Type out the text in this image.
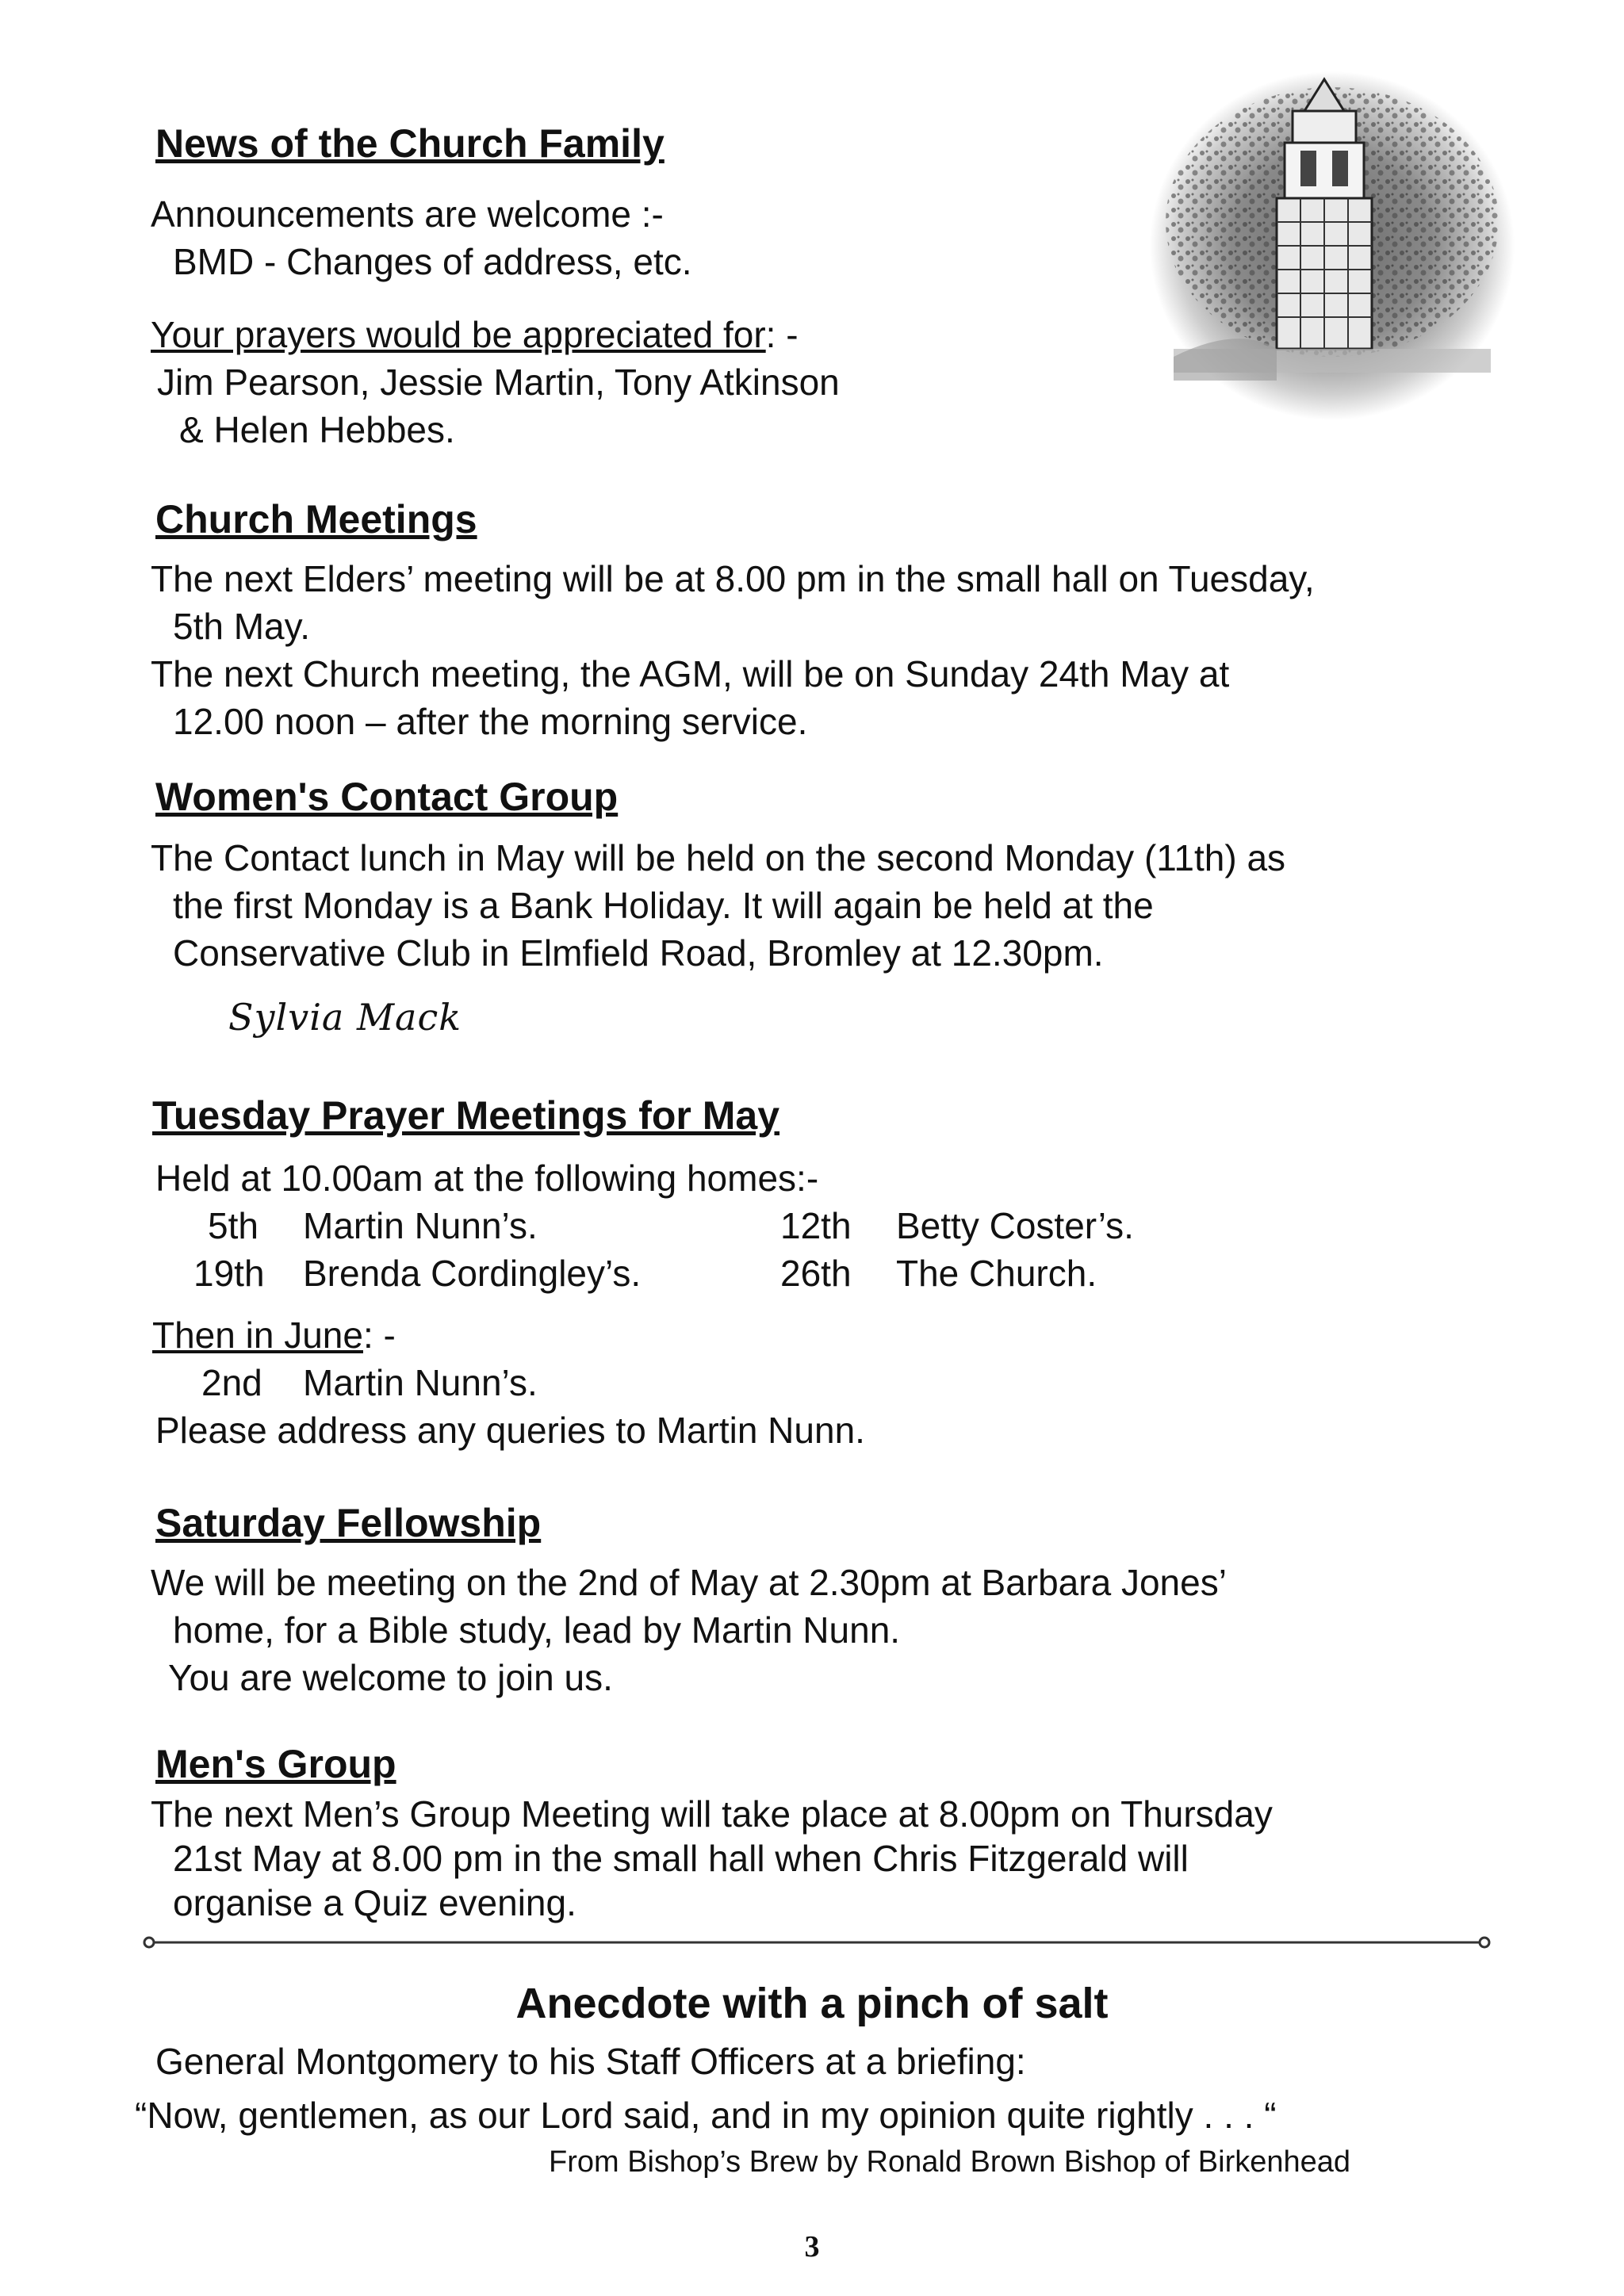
News of the Church Family
Announcements are welcome :-
BMD - Changes of address, etc.
Your prayers would be appreciated for: -
Jim Pearson, Jessie Martin, Tony Atkinson
& Helen Hebbes.
Church Meetings
The next Elders’ meeting will be at 8.00 pm in the small hall on Tuesday,
5th May.
The next Church meeting, the AGM, will be on Sunday 24th May at
12.00 noon – after the morning service.
Women's Contact Group
The Contact lunch in May will be held on the second Monday (11th) as
the first Monday is a Bank Holiday. It will again be held at the
Conservative Club in Elmfield Road, Bromley at 12.30pm.
Sylvia Mack
Tuesday Prayer Meetings for May
Held at 10.00am at the following homes:-
5th Martin Nunn’s.	12th Betty Coster’s.
19th Brenda Cordingley’s.	26th The Church.
Then in June: -
2nd Martin Nunn’s.
Please address any queries to Martin Nunn.
Saturday Fellowship
We will be meeting on the 2nd of May at 2.30pm at Barbara Jones’
home, for a Bible study, lead by Martin Nunn.
You are welcome to join us.
Men's Group
The next Men’s Group Meeting will take place at 8.00pm on Thursday
21st May at 8.00 pm in the small hall when Chris Fitzgerald will
organise a Quiz evening.
Anecdote with a pinch of salt
General Montgomery to his Staff Officers at a briefing:
“Now, gentlemen, as our Lord said, and in my opinion quite rightly . . . “
From Bishop’s Brew by Ronald Brown Bishop of Birkenhead
3
